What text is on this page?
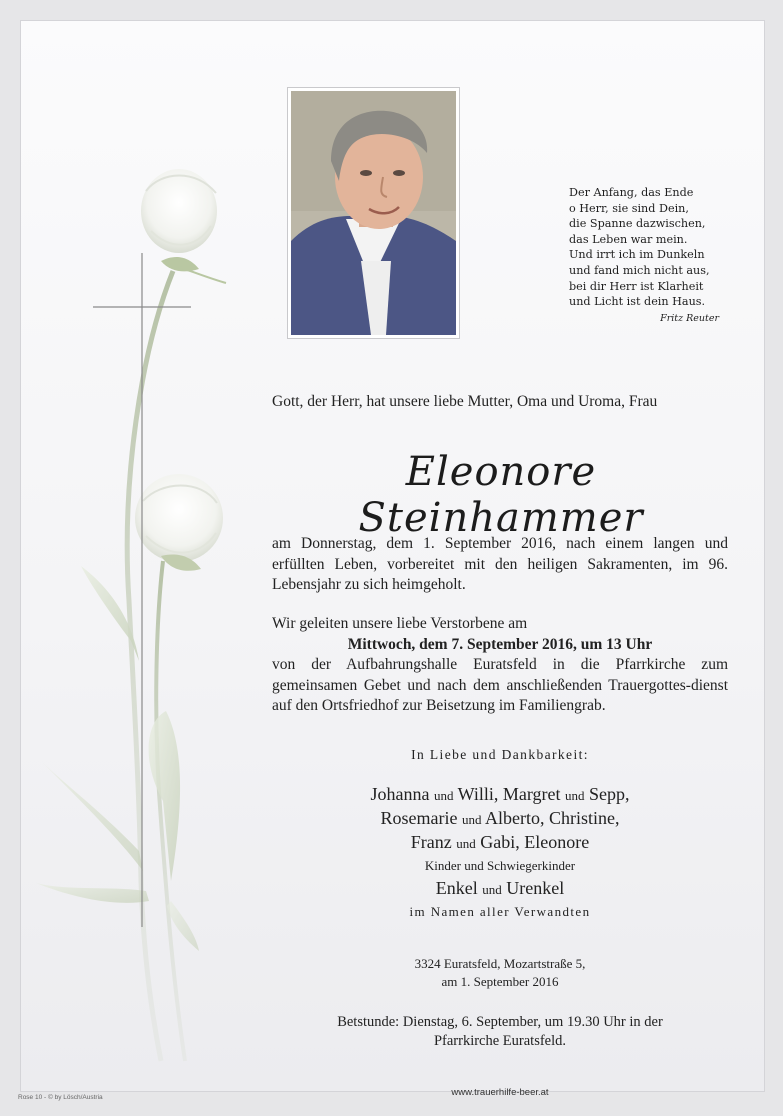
Der Anfang, das Ende
o Herr, sie sind Dein,
die Spanne dazwischen,
das Leben war mein.
Und irrt ich im Dunkeln
und fand mich nicht aus,
bei dir Herr ist Klarheit
und Licht ist dein Haus.
Fritz Reuter
Gott, der Herr, hat unsere liebe Mutter, Oma und Uroma, Frau
Eleonore Steinhammer
am Donnerstag, dem 1. September 2016, nach einem langen und erfüllten Leben, vorbereitet mit den heiligen Sakramenten, im 96. Lebensjahr zu sich heimgeholt.
Wir geleiten unsere liebe Verstorbene am
Mittwoch, dem 7. September 2016, um 13 Uhr
von der Aufbahrungshalle Euratsfeld in die Pfarrkirche zum gemeinsamen Gebet und nach dem anschließenden Trauergottes-dienst auf den Ortsfriedhof zur Beisetzung im Familiengrab.
In Liebe und Dankbarkeit:
Johanna und Willi, Margret und Sepp,
Rosemarie und Alberto, Christine,
Franz und Gabi, Eleonore
Kinder und Schwiegerkinder
Enkel und Urenkel
im Namen aller Verwandten
3324 Euratsfeld, Mozartstraße 5,
am 1. September 2016
Betstunde: Dienstag, 6. September, um 19.30 Uhr in der
Pfarrkirche Euratsfeld.
www.trauerhilfe-beer.at
Rose 10 - © by Lösch/Austria
